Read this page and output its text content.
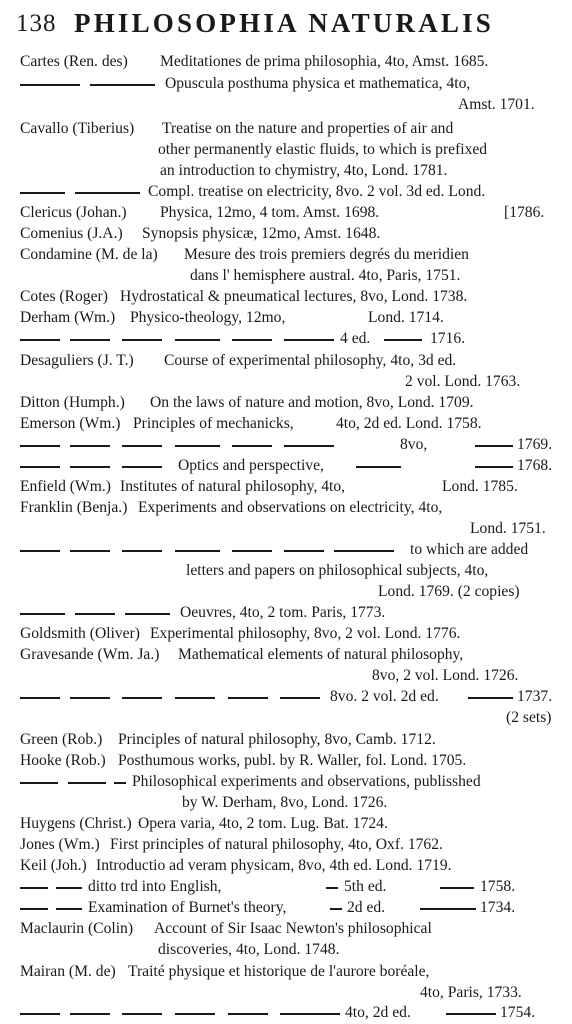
138 PHILOSOPHIA NATURALIS
Cartes (Ren. des) Meditationes de prima philosophia, 4to, Amst. 1685.
Opuscula posthuma physica et mathematica, 4to,
Amst. 1701.
Cavallo (Tiberius) Treatise on the nature and properties of air and
other permanently elastic fluids, to which is prefixed
an introduction to chymistry, 4to, Lond. 1781.
Compl. treatise on electricity, 8vo. 2 vol. 3d ed. Lond.
Clericus (Johan.) Physica, 12mo, 4 tom. Amst. 1698.	[1786.
Comenius (J.A.) Synopsis physicæ, 12mo, Amst. 1648.
Condamine (M. de la) Mesure des trois premiers degrés du meridien
dans l' hemisphere austral. 4to, Paris, 1751.
Cotes (Roger) Hydrostatical & pneumatical lectures, 8vo, Lond. 1738.
Derham (Wm.) Physico-theology, 12mo,	Lond. 1714.
4 ed.	1716.
Desaguliers (J. T.) Course of experimental philosophy, 4to, 3d ed.
2 vol. Lond. 1763.
Ditton (Humph.) On the laws of nature and motion, 8vo, Lond. 1709.
Emerson (Wm.) Principles of mechanicks,	4to, 2d ed. Lond. 1758.
8vo,	1769.
Optics and perspective,	1768.
Enfield (Wm.) Institutes of natural philosophy, 4to,	Lond. 1785.
Franklin (Benja.) Experiments and observations on electricity, 4to,
Lond. 1751.
to which are added
letters and papers on philosophical subjects, 4to,
Lond. 1769. (2 copies)
Oeuvres, 4to, 2 tom. Paris, 1773.
Goldsmith (Oliver) Experimental philosophy, 8vo, 2 vol. Lond. 1776.
Gravesande (Wm. Ja.) Mathematical elements of natural philosophy,
8vo, 2 vol. Lond. 1726.
8vo. 2 vol. 2d ed.	1737.
(2 sets)
Green (Rob.) Principles of natural philosophy, 8vo, Camb. 1712.
Hooke (Rob.) Posthumous works, publ. by R. Waller, fol. Lond. 1705.
Philosophical experiments and observations, publisshed
by W. Derham, 8vo, Lond. 1726.
Huygens (Christ.) Opera varia, 4to, 2 tom. Lug. Bat. 1724.
Jones (Wm.) First principles of natural philosophy, 4to, Oxf. 1762.
Keil (Joh.) Introductio ad veram physicam, 8vo, 4th ed. Lond. 1719.
ditto trd into English,	5th ed.	1758.
Examination of Burnet's theory,	2d ed.	1734.
Maclaurin (Colin) Account of Sir Isaac Newton's philosophical
discoveries, 4to, Lond. 1748.
Mairan (M. de) Traité physique et historique de l'aurore boréale,
4to, Paris, 1733.
4to, 2d ed.	1754.
